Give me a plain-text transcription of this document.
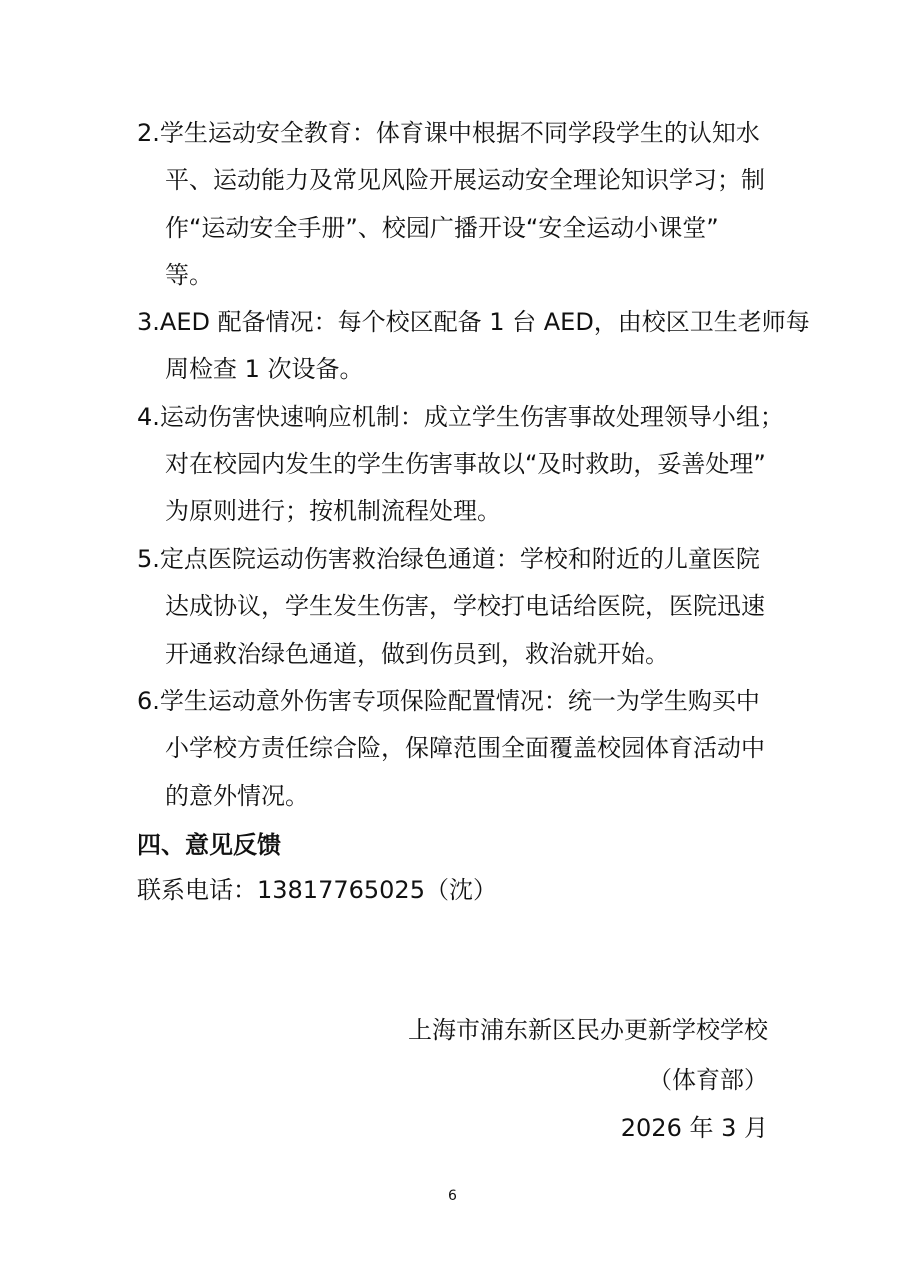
2.学生运动安全教育：体育课中根据不同学段学生的认知水
平、运动能力及常见风险开展运动安全理论知识学习；制
作“运动安全手册”、校园广播开设“安全运动小课堂”
等。
3.AED 配备情况：每个校区配备 1 台 AED，由校区卫生老师每
周检查 1 次设备。
4.运动伤害快速响应机制：成立学生伤害事故处理领导小组；
对在校园内发生的学生伤害事故以“及时救助，妥善处理”
为原则进行；按机制流程处理。
5.定点医院运动伤害救治绿色通道：学校和附近的儿童医院
达成协议，学生发生伤害，学校打电话给医院，医院迅速
开通救治绿色通道，做到伤员到，救治就开始。
6.学生运动意外伤害专项保险配置情况：统一为学生购买中
小学校方责任综合险，保障范围全面覆盖校园体育活动中
的意外情况。
四、意见反馈
联系电话：13817765025（沈）
上海市浦东新区民办更新学校学校
（体育部）
2026 年 3 月
6
